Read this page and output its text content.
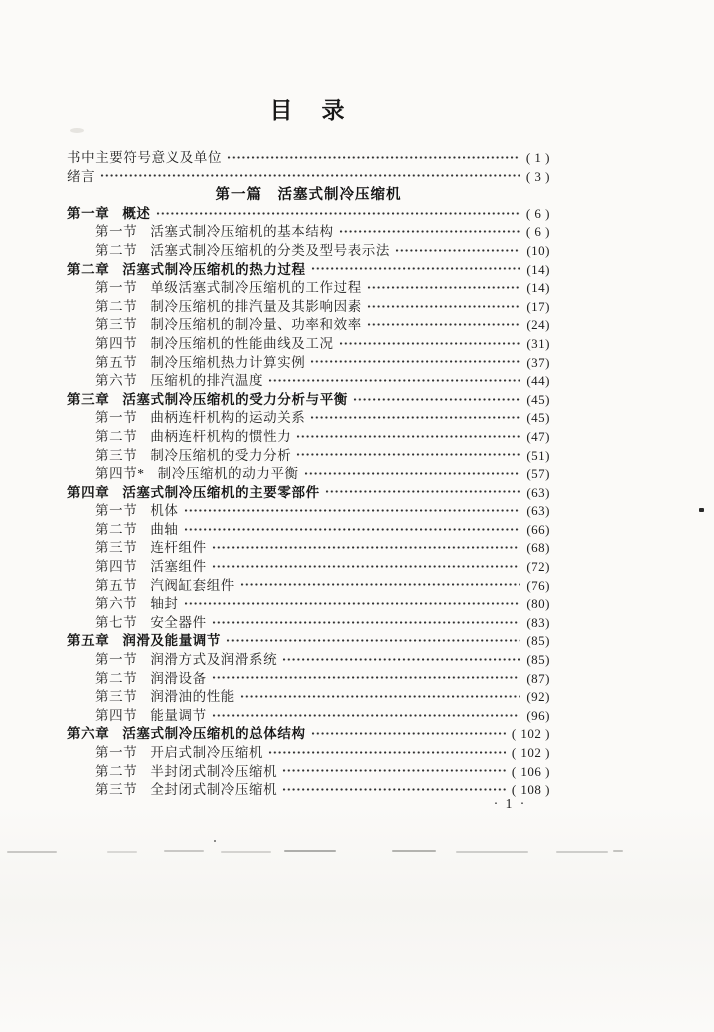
目　录
书中主要符号意义及单位	( 1 )
绪言	( 3 )
第一篇　活塞式制冷压缩机
第一章 概述	( 6 )
第一节 活塞式制冷压缩机的基本结构	( 6 )
第二节 活塞式制冷压缩机的分类及型号表示法	(10)
第二章 活塞式制冷压缩机的热力过程	(14)
第一节 单级活塞式制冷压缩机的工作过程	(14)
第二节 制冷压缩机的排汽量及其影响因素	(17)
第三节 制冷压缩机的制冷量、功率和效率	(24)
第四节 制冷压缩机的性能曲线及工况	(31)
第五节 制冷压缩机热力计算实例	(37)
第六节 压缩机的排汽温度	(44)
第三章 活塞式制冷压缩机的受力分析与平衡	(45)
第一节 曲柄连杆机构的运动关系	(45)
第二节 曲柄连杆机构的惯性力	(47)
第三节 制冷压缩机的受力分析	(51)
第四节* 制冷压缩机的动力平衡	(57)
第四章 活塞式制冷压缩机的主要零部件	(63)
第一节 机体	(63)
第二节 曲轴	(66)
第三节 连杆组件	(68)
第四节 活塞组件	(72)
第五节 汽阀缸套组件	(76)
第六节 轴封	(80)
第七节 安全器件	(83)
第五章 润滑及能量调节	(85)
第一节 润滑方式及润滑系统	(85)
第二节 润滑设备	(87)
第三节 润滑油的性能	(92)
第四节 能量调节	(96)
第六章 活塞式制冷压缩机的总体结构	( 102 )
第一节 开启式制冷压缩机	( 102 )
第二节 半封闭式制冷压缩机	( 106 )
第三节 全封闭式制冷压缩机	( 108 )
· 1 ·
